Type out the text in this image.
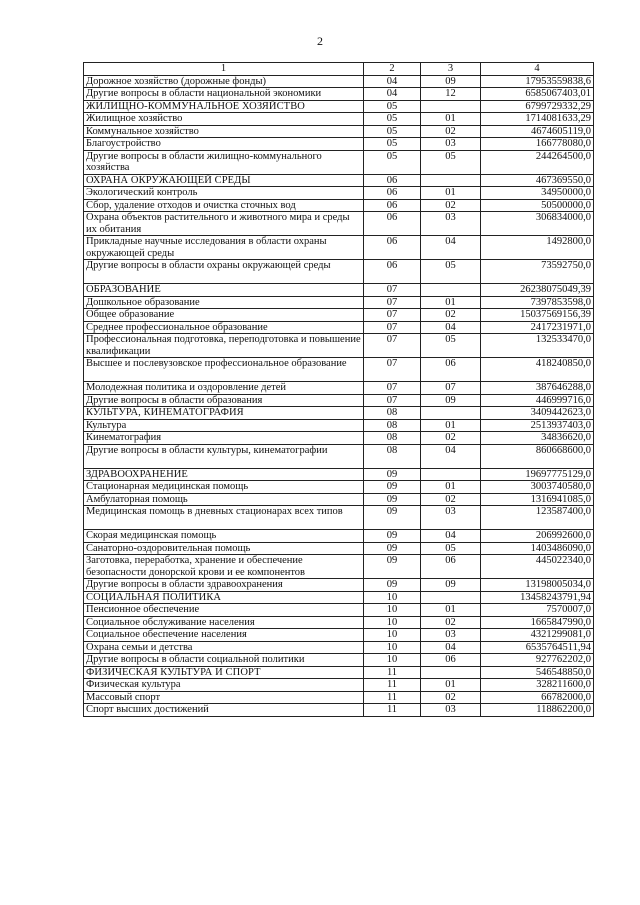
2
1	2	3	4
Дорожное хозяйство (дорожные фонды)	04	09	17953559838,6
Другие вопросы в области национальной экономики	04	12	6585067403,01
ЖИЛИЩНО-КОММУНАЛЬНОЕ ХОЗЯЙСТВО	05		6799729332,29
Жилищное хозяйство	05	01	1714081633,29
Коммунальное хозяйство	05	02	4674605119,0
Благоустройство	05	03	166778080,0
Другие вопросы в области жилищно-коммунального хозяйства	05	05	244264500,0
ОХРАНА ОКРУЖАЮЩЕЙ СРЕДЫ	06		467369550,0
Экологический контроль	06	01	34950000,0
Сбор, удаление отходов и очистка сточных вод	06	02	50500000,0
Охрана объектов растительного и животного мира и среды их обитания	06	03	306834000,0
Прикладные научные исследования в области охраны окружающей среды	06	04	1492800,0
Другие вопросы в области охраны окружающей среды	06	05	73592750,0
ОБРАЗОВАНИЕ	07		26238075049,39
Дошкольное образование	07	01	7397853598,0
Общее образование	07	02	15037569156,39
Среднее профессиональное образование	07	04	2417231971,0
Профессиональная подготовка, переподготовка и повышение квалификации	07	05	132533470,0
Высшее и послевузовское профессиональное образование	07	06	418240850,0
Молодежная политика и оздоровление детей	07	07	387646288,0
Другие вопросы в области образования	07	09	446999716,0
КУЛЬТУРА, КИНЕМАТОГРАФИЯ	08		3409442623,0
Культура	08	01	2513937403,0
Кинематография	08	02	34836620,0
Другие вопросы в области культуры, кинематографии	08	04	860668600,0
ЗДРАВООХРАНЕНИЕ	09		19697775129,0
Стационарная медицинская помощь	09	01	3003740580,0
Амбулаторная помощь	09	02	1316941085,0
Медицинская помощь в дневных стационарах всех типов	09	03	123587400,0
Скорая медицинская помощь	09	04	206992600,0
Санаторно-оздоровительная помощь	09	05	1403486090,0
Заготовка, переработка, хранение и обеспечение безопасности донорской крови и ее компонентов	09	06	445022340,0
Другие вопросы в области здравоохранения	09	09	13198005034,0
СОЦИАЛЬНАЯ ПОЛИТИКА	10		13458243791,94
Пенсионное обеспечение	10	01	7570007,0
Социальное обслуживание населения	10	02	1665847990,0
Социальное обеспечение населения	10	03	4321299081,0
Охрана семьи и детства	10	04	6535764511,94
Другие вопросы в области социальной политики	10	06	927762202,0
ФИЗИЧЕСКАЯ КУЛЬТУРА И СПОРТ	11		546548850,0
Физическая культура	11	01	328211600,0
Массовый спорт	11	02	66782000,0
Спорт высших достижений	11	03	118862200,0
